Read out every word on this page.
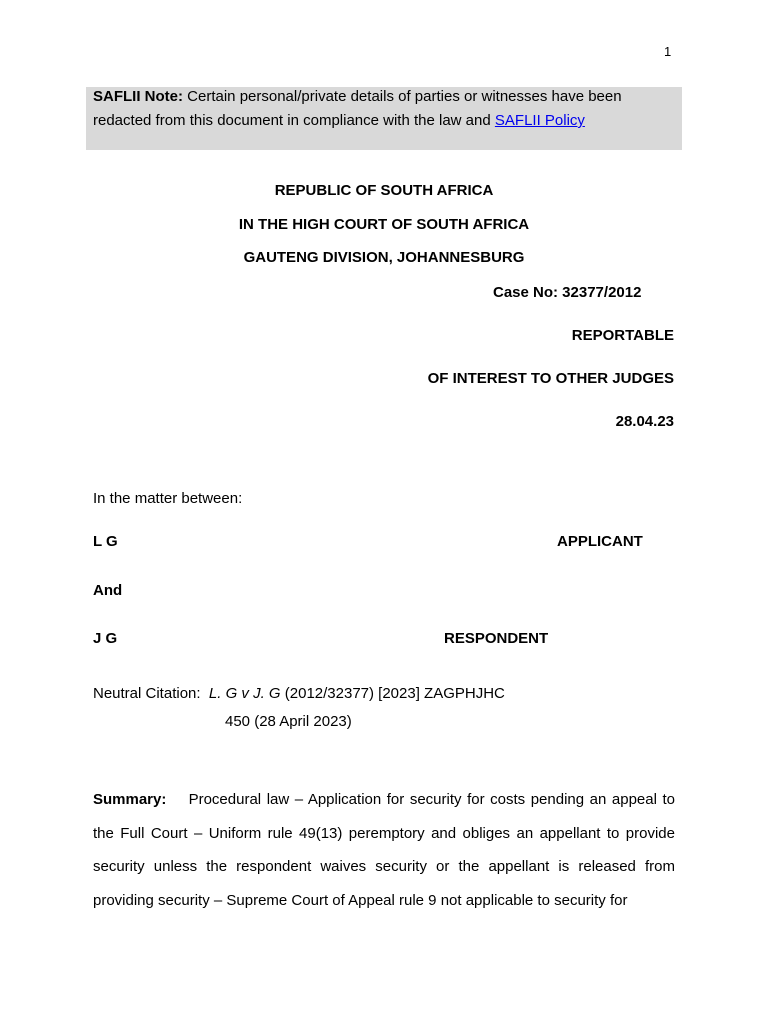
1
SAFLII Note: Certain personal/private details of parties or witnesses have been
redacted from this document in compliance with the law and SAFLII Policy
REPUBLIC OF SOUTH AFRICA
IN THE HIGH COURT OF SOUTH AFRICA
GAUTENG DIVISION, JOHANNESBURG
Case No: 32377/2012
REPORTABLE
OF INTEREST TO OTHER JUDGES
28.04.23
In the matter between:
L G	APPLICANT
And
J G	RESPONDENT
Neutral Citation: L. G v J. G (2012/32377) [2023] ZAGPHJHC
450 (28 April 2023)
Summary: Procedural law – Application for security for costs pending an appeal to the Full Court – Uniform rule 49(13) peremptory and obliges an appellant to provide security unless the respondent waives security or the appellant is released from providing security – Supreme Court of Appeal rule 9 not applicable to security for
